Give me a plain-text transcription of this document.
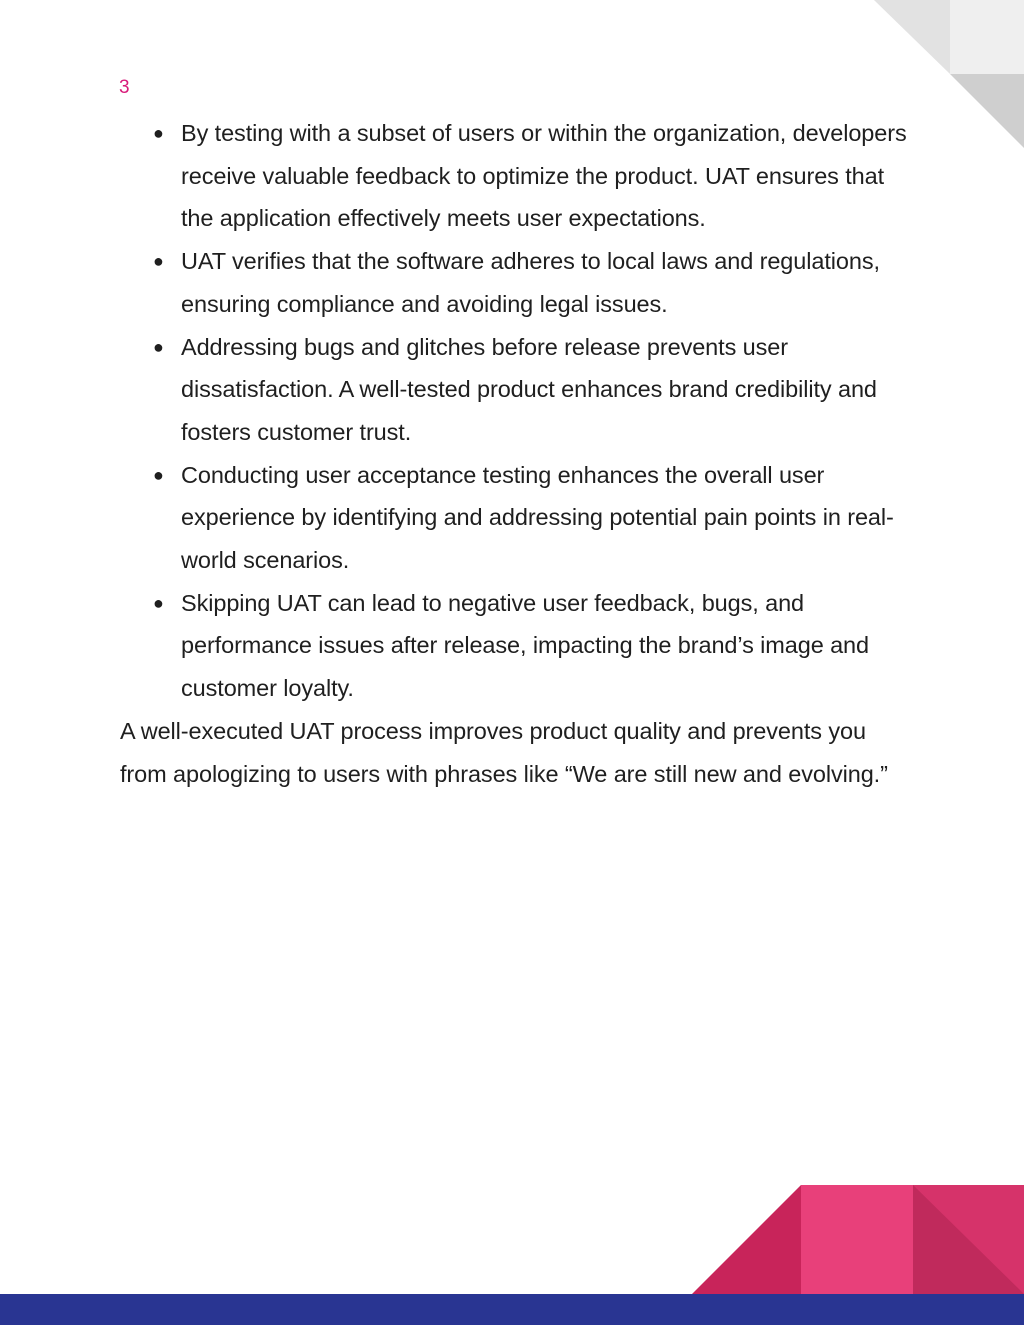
3
● By testing with a subset of users or within the organization, developers receive valuable feedback to optimize the product. UAT ensures that the application effectively meets user expectations.
● UAT verifies that the software adheres to local laws and regulations, ensuring compliance and avoiding legal issues.
● Addressing bugs and glitches before release prevents user dissatisfaction. A well-tested product enhances brand credibility and fosters customer trust.
● Conducting user acceptance testing enhances the overall user experience by identifying and addressing potential pain points in real-world scenarios.
● Skipping UAT can lead to negative user feedback, bugs, and performance issues after release, impacting the brand’s image and customer loyalty.

A well-executed UAT process improves product quality and prevents you from apologizing to users with phrases like “We are still new and evolving.”
